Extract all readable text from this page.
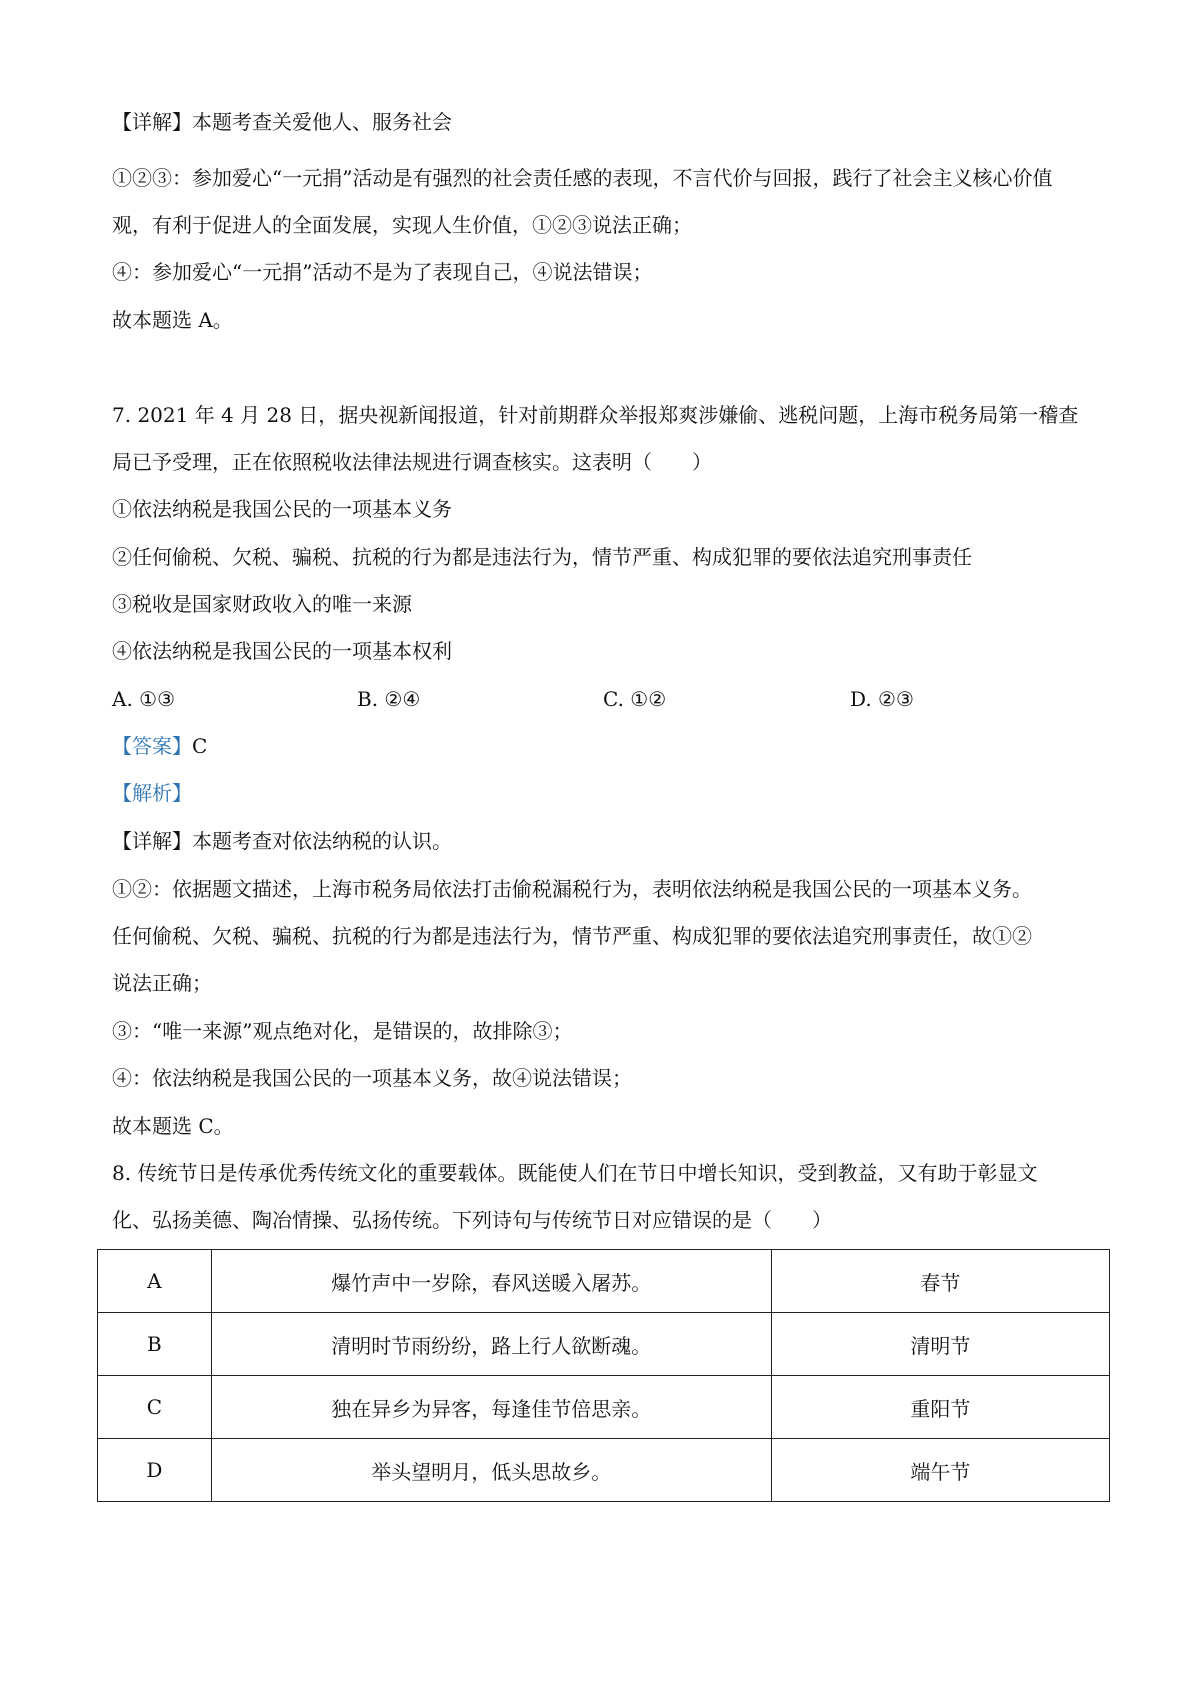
【详解】本题考查关爱他人、服务社会
①②③：参加爱心“一元捐”活动是有强烈的社会责任感的表现，不言代价与回报，践行了社会主义核心价值
观，有利于促进人的全面发展，实现人生价值，①②③说法正确；
④：参加爱心“一元捐”活动不是为了表现自己，④说法错误；
故本题选 A。
7. 2021 年 4 月 28 日，据央视新闻报道，针对前期群众举报郑爽涉嫌偷、逃税问题，上海市税务局第一稽查
局已予受理，正在依照税收法律法规进行调查核实。这表明（　　）
①依法纳税是我国公民的一项基本义务
②任何偷税、欠税、骗税、抗税的行为都是违法行为，情节严重、构成犯罪的要依法追究刑事责任
③税收是国家财政收入的唯一来源
④依法纳税是我国公民的一项基本权利
A. ①③	B. ②④	C. ①②	D. ②③
【答案】C
【解析】
【详解】本题考查对依法纳税的认识。
①②：依据题文描述，上海市税务局依法打击偷税漏税行为，表明依法纳税是我国公民的一项基本义务。
任何偷税、欠税、骗税、抗税的行为都是违法行为，情节严重、构成犯罪的要依法追究刑事责任，故①②
说法正确；
③：“唯一来源”观点绝对化，是错误的，故排除③；
④：依法纳税是我国公民的一项基本义务，故④说法错误；
故本题选 C。
8. 传统节日是传承优秀传统文化的重要载体。既能使人们在节日中增长知识，受到教益，又有助于彰显文
化、弘扬美德、陶冶情操、弘扬传统。下列诗句与传统节日对应错误的是（　　）
A	爆竹声中一岁除，春风送暖入屠苏。	春节
B	清明时节雨纷纷，路上行人欲断魂。	清明节
C	独在异乡为异客，每逢佳节倍思亲。	重阳节
D	举头望明月，低头思故乡。	端午节
